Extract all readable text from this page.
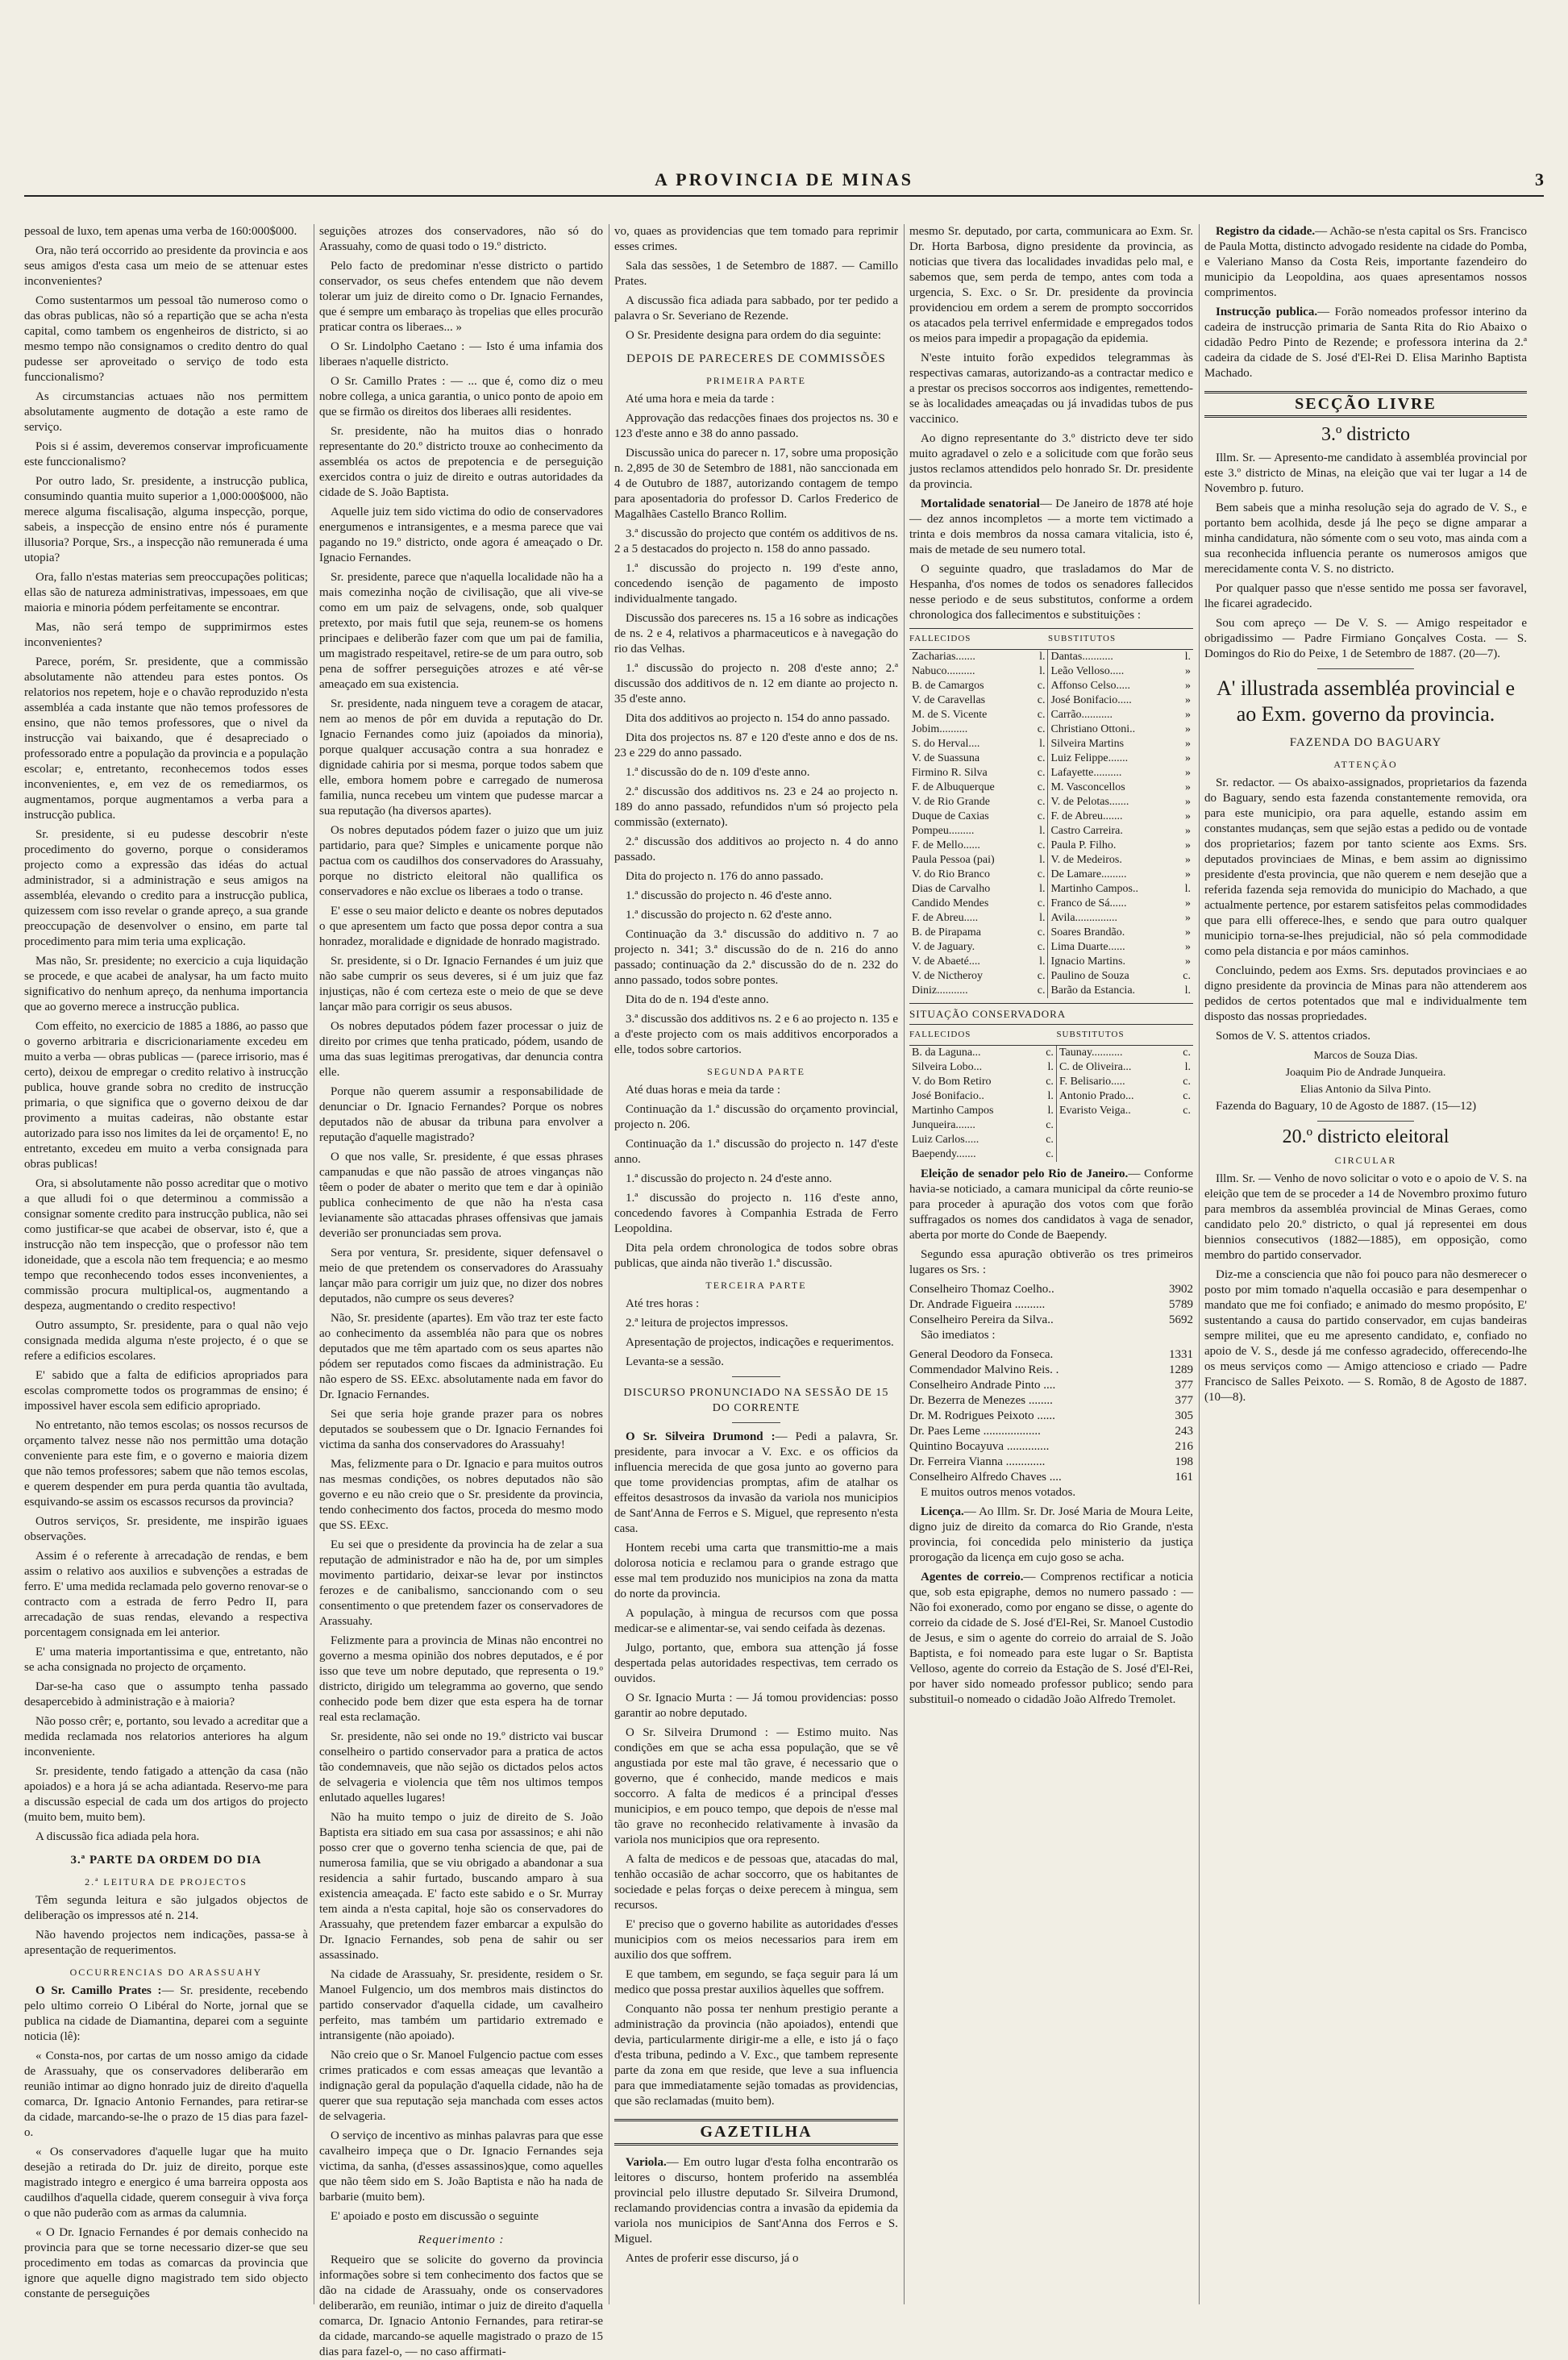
A PROVINCIA DE MINAS	3

pessoal de luxo, tem apenas uma verba de 160:000$000.

Ora, não terá occorrido ao presidente da provincia e aos seus amigos d'esta casa um meio de se attenuar estes inconvenientes?

Como sustentarmos um pessoal tão numeroso como o das obras publicas, não só a repartição que se acha n'esta capital, como tambem os engenheiros de districto, si ao mesmo tempo não consignamos o credito dentro do qual pudesse ser aproveitado o serviço de todo esta funccionalismo?

As circumstancias actuaes não nos permittem absolutamente augmento de dotação a este ramo de serviço.

Pois si é assim, deveremos conservar improficuamente este funccionalismo?

Por outro lado, Sr. presidente, a instrucção publica, consumindo quantia muito superior a 1,000:000$000, não merece alguma fiscalisação, alguma inspecção, porque, sabeis, a inspecção de ensino entre nós é puramente illusoria? Porque, Srs., a inspecção não remunerada é uma utopia?

Ora, fallo n'estas materias sem preoccupações politicas; ellas são de natureza administrativas, impessoaes, em que maioria e minoria pódem perfeitamente se encontrar.

Mas, não será tempo de supprimirmos estes inconvenientes?

Parece, porém, Sr. presidente, que a commissão absolutamente não attendeu para estes pontos. Os relatorios nos repetem, hoje e o chavão reproduzido n'esta assembléa a cada instante que não temos professores de ensino, que não temos professores, que o nivel da instrucção vai baixando, que é desapreciado o professorado entre a população da provincia e a população escolar; e, entretanto, reconhecemos todos esses inconvenientes, e, em vez de os remediarmos, os augmentamos, porque augmentamos a verba para a instrucção publica.

Sr. presidente, si eu pudesse descobrir n'este procedimento do governo, porque o consideramos projecto como a expressão das idéas do actual administrador, si a administração e seus amigos na assembléa, elevando o credito para a instrucção publica, quizessem com isso revelar o grande apreço, a sua grande preoccupação de desenvolver o ensino, em parte tal procedimento para mim teria uma explicação.

Mas não, Sr. presidente; no exercicio a cuja liquidação se procede, e que acabei de analysar, ha um facto muito significativo do nenhum apreço, da nenhuma importancia que ao governo merece a instrucção publica.

Com effeito, no exercicio de 1885 a 1886, ao passo que o governo arbitraria e discricionariamente excedeu em muito a verba — obras publicas — (parece irrisorio, mas é certo), deixou de empregar o credito relativo à instrucção publica, houve grande sobra no credito de instrucção primaria, o que significa que o governo deixou de dar provimento a muitas cadeiras, não obstante estar autorizado para isso nos limites da lei de orçamento! E, no entretanto, excedeu em muito a verba consignada para obras publicas!

Ora, si absolutamente não posso acreditar que o motivo a que alludi foi o que determinou a commissão a consignar somente credito para instrucção publica, não sei como justificar-se que acabei de observar, isto é, que a instrucção não tem inspecção, que o professor não tem idoneidade, que a escola não tem frequencia; e ao mesmo tempo que reconhecendo todos esses inconvenientes, a commissão procura multiplical-os, augmentando a despeza, augmentando o credito respectivo!

Outro assumpto, Sr. presidente, para o qual não vejo consignada medida alguma n'este projecto, é o que se refere a edificios escolares.

E' sabido que a falta de edificios apropriados para escolas compromette todos os programmas de ensino; é impossivel haver escola sem edificio apropriado.

No entretanto, não temos escolas; os nossos recursos de orçamento talvez nesse não nos permittão uma dotação conveniente para este fim, e o governo e maioria dizem que não temos professores; sabem que não temos escolas, e querem despender em pura perda quantia tão avultada, esquivando-se assim os escassos recursos da provincia?

Outros serviços, Sr. presidente, me inspirão iguaes observações.

Assim é o referente à arrecadação de rendas, e bem assim o relativo aos auxilios e subvenções a estradas de ferro. E' uma medida reclamada pelo governo renovar-se o contracto com a estrada de ferro Pedro II, para arrecadação de suas rendas, elevando a respectiva porcentagem consignada em lei anterior.

E' uma materia importantissima e que, entretanto, não se acha consignada no projecto de orçamento.

Dar-se-ha caso que o assumpto tenha passado desapercebido à administração e à maioria?

Não posso crêr; e, portanto, sou levado a acreditar que a medida reclamada nos relatorios anteriores ha algum inconveniente.

Sr. presidente, tendo fatigado a attenção da casa (não apoiados) e a hora já se acha adiantada. Reservo-me para a discussão especial de cada um dos artigos do projecto (muito bem, muito bem).

A discussão fica adiada pela hora.

3.ª PARTE DA ORDEM DO DIA
2.ª LEITURA DE PROJECTOS

Têm segunda leitura e são julgados objectos de deliberação os impressos até n. 214.

Não havendo projectos nem indicações, passa-se à apresentação de requerimentos.

OCCURRENCIAS DO ARASSUAHY

O Sr. Camillo Prates :— Sr. presidente, recebendo pelo ultimo correio O Libéral do Norte, jornal que se publica na cidade de Diamantina, deparei com a seguinte noticia (lê):

« Consta-nos, por cartas de um nosso amigo da cidade de Arassuahy, que os conservadores deliberarão em reunião intimar ao digno honrado juiz de direito d'aquella comarca, Dr. Ignacio Antonio Fernandes, para retirar-se da cidade, marcando-se-lhe o prazo de 15 dias para fazel-o.

« Os conservadores d'aquelle lugar que ha muito desejão a retirada do Dr. juiz de direito, porque este magistrado integro e energico é uma barreira opposta aos caudilhos d'aquella cidade, querem conseguir à viva força o que não puderão com as armas da calumnia.

« O Dr. Ignacio Fernandes é por demais conhecido na provincia para que se torne necessario dizer-se que seu procedimento em todas as comarcas da provincia que ignore que aquelle digno magistrado tem sido objecto constante de perseguições

seguições atrozes dos conservadores, não só do Arassuahy, como de quasi todo o 19.º districto.

Pelo facto de predominar n'esse districto o partido conservador, os seus chefes entendem que não devem tolerar um juiz de direito como o Dr. Ignacio Fernandes, que é sempre um embaraço às tropelias que elles procurão praticar contra os liberaes... »

O Sr. Lindolpho Caetano : — Isto é uma infamia dos liberaes n'aquelle districto.

O Sr. Camillo Prates : — ... que é, como diz o meu nobre collega, a unica garantia, o unico ponto de apoio em que se firmão os direitos dos liberaes alli residentes.

Sr. presidente, não ha muitos dias o honrado representante do 20.º districto trouxe ao conhecimento da assembléa os actos de prepotencia e de perseguição exercidos contra o juiz de direito e outras autoridades da cidade de S. João Baptista.

Aquelle juiz tem sido victima do odio de conservadores energumenos e intransigentes, e a mesma parece que vai pagando no 19.º districto, onde agora é ameaçado o Dr. Ignacio Fernandes.

Sr. presidente, parece que n'aquella localidade não ha a mais comezinha noção de civilisação, que ali vive-se como em um paiz de selvagens, onde, sob qualquer pretexto, por mais futil que seja, reunem-se os homens principaes e deliberão fazer com que um pai de familia, um magistrado respeitavel, retire-se de um para outro, sob pena de soffrer perseguições atrozes e até vêr-se ameaçado em sua existencia.

Sr. presidente, nada ninguem teve a coragem de atacar, nem ao menos de pôr em duvida a reputação do Dr. Ignacio Fernandes como juiz (apoiados da minoria), porque qualquer accusação contra a sua honradez e dignidade cahiria por si mesma, porque todos sabem que elle, embora homem pobre e carregado de numerosa familia, nunca recebeu um vintem que pudesse marcar a sua reputação (ha diversos apartes).

Os nobres deputados pódem fazer o juizo que um juiz partidario, para que? Simples e unicamente porque não pactua com os caudilhos dos conservadores do Arassuahy, porque no districto eleitoral não quallifica os conservadores e não exclue os liberaes a todo o transe.

E' esse o seu maior delicto e deante os nobres deputados o que apresentem um facto que possa depor contra a sua honradez, moralidade e dignidade de honrado magistrado.

Sr. presidente, si o Dr. Ignacio Fernandes é um juiz que não sabe cumprir os seus deveres, si é um juiz que faz injustiças, não é com certeza este o meio de que se deve lançar mão para corrigir os seus abusos.

Os nobres deputados pódem fazer processar o juiz de direito por crimes que tenha praticado, pódem, usando de uma das suas legitimas prerogativas, dar denuncia contra elle.

Porque não querem assumir a responsabilidade de denunciar o Dr. Ignacio Fernandes? Porque os nobres deputados não de abusar da tribuna para envolver a reputação d'aquelle magistrado?

O que nos valle, Sr. presidente, é que essas phrases campanudas e que não passão de atroes vinganças não têem o poder de abater o merito que tem e dar à opinião publica conhecimento de que não ha n'esta casa levianamente são attacadas phrases offensivas que jamais deverião ser pronunciadas sem prova.

Sera por ventura, Sr. presidente, siquer defensavel o meio de que pretendem os conservadores do Arassuahy lançar mão para corrigir um juiz que, no dizer dos nobres deputados, não cumpre os seus deveres?

Não, Sr. presidente (apartes). Em vão traz ter este facto ao conhecimento da assembléa não para que os nobres deputados que me têm apartado com os seus apartes não pódem ser reputados como fiscaes da administração. Eu não espero de SS. EExc. absolutamente nada em favor do Dr. Ignacio Fernandes.

Sei que seria hoje grande prazer para os nobres deputados se soubessem que o Dr. Ignacio Fernandes foi victima da sanha dos conservadores do Arassuahy!

Mas, felizmente para o Dr. Ignacio e para muitos outros nas mesmas condições, os nobres deputados não são governo e eu não creio que o Sr. presidente da provincia, tendo conhecimento dos factos, proceda do mesmo modo que SS. EExc.

Eu sei que o presidente da provincia ha de zelar a sua reputação de administrador e não ha de, por um simples movimento partidario, deixar-se levar por instinctos ferozes e de canibalismo, sanccionando com o seu consentimento o que pretendem fazer os conservadores de Arassuahy.

Felizmente para a provincia de Minas não encontrei no governo a mesma opinião dos nobres deputados, e é por isso que teve um nobre deputado, que representa o 19.º districto, dirigido um telegramma ao governo, que sendo conhecido pode bem dizer que esta espera ha de tornar real esta reclamação.

Sr. presidente, não sei onde no 19.º districto vai buscar conselheiro o partido conservador para a pratica de actos tão condemnaveis, que não sejão os dictados pelos actos de selvageria e violencia que têm nos ultimos tempos enlutado aquelles lugares!

Não ha muito tempo o juiz de direito de S. João Baptista era sitiado em sua casa por assassinos; e ahi não posso crer que o governo tenha sciencia de que, pai de numerosa familia, que se viu obrigado a abandonar a sua residencia a sahir furtado, buscando amparo à sua existencia ameaçada. E' facto este sabido e o Sr. Murray tem ainda a n'esta capital, hoje são os conservadores do Arassuahy, que pretendem fazer embarcar a expulsão do Dr. Ignacio Fernandes, sob pena de sahir ou ser assassinado.

Na cidade de Arassuahy, Sr. presidente, residem o Sr. Manoel Fulgencio, um dos membros mais distinctos do partido conservador d'aquella cidade, um cavalheiro perfeito, mas também um partidario extremado e intransigente (não apoiado).

Não creio que o Sr. Manoel Fulgencio pactue com esses crimes praticados e com essas ameaças que levantão a indignação geral da população d'aquella cidade, não ha de querer que sua reputação seja manchada com esses actos de selvageria.

O serviço de incentivo as minhas palavras para que esse cavalheiro impeça que o Dr. Ignacio Fernandes seja victima, da sanha, (d'esses assassinos)que, como aquelles que não têem sido em S. João Baptista e não ha nada de barbarie (muito bem).

E' apoiado e posto em discussão o seguinte

Requerimento :

Requeiro que se solicite do governo da provincia informações sobre si tem conhecimento dos factos que se dão na cidade de Arassuahy, onde os conservadores deliberarão, em reunião, intimar o juiz de direito d'aquella comarca, Dr. Ignacio Antonio Fernandes, para retirar-se da cidade, marcando-se aquelle magistrado o prazo de 15 dias para fazel-o, — no caso affirmati-

vo, quaes as providencias que tem tomado para reprimir esses crimes.

Sala das sessões, 1 de Setembro de 1887. — Camillo Prates.

A discussão fica adiada para sabbado, por ter pedido a palavra o Sr. Severiano de Rezende.

O Sr. Presidente designa para ordem do dia seguinte:

DEPOIS DE PARECERES DE COMMISSÕES
PRIMEIRA PARTE

Até uma hora e meia da tarde :

Approvação das redacções finaes dos projectos ns. 30 e 123 d'este anno e 38 do anno passado.

Discussão unica do parecer n. 17, sobre uma proposição n. 2,895 de 30 de Setembro de 1881, não sanccionada em 4 de Outubro de 1887, autorizando contagem de tempo para aposentadoria do professor D. Carlos Frederico de Magalhães Castello Branco Rollim.

3.ª discussão do projecto que contém os additivos de ns. 2 a 5 destacados do projecto n. 158 do anno passado.

1.ª discussão do projecto n. 199 d'este anno, concedendo isenção de pagamento de imposto individualmente tangado.

Discussão dos pareceres ns. 15 a 16 sobre as indicações de ns. 2 e 4, relativos a pharmaceuticos e à navegação do rio das Velhas.

1.ª discussão do projecto n. 208 d'este anno; 2.ª discussão dos additivos de n. 12 em diante ao projecto n. 35 d'este anno.

Dita dos additivos ao projecto n. 154 do anno passado.

Dita dos projectos ns. 87 e 120 d'este anno e dos de ns. 23 e 229 do anno passado.

1.ª discussão do de n. 109 d'este anno.

2.ª discussão dos additivos ns. 23 e 24 ao projecto n. 189 do anno passado, refundidos n'um só projecto pela commissão (externato).

2.ª discussão dos additivos ao projecto n. 4 do anno passado.

Dita do projecto n. 176 do anno passado.

1.ª discussão do projecto n. 46 d'este anno.

1.ª discussão do projecto n. 62 d'este anno.

Continuação da 3.ª discussão do additivo n. 7 ao projecto n. 341; 3.ª discussão do de n. 216 do anno passado; continuação da 2.ª discussão do de n. 232 do anno passado, todos sobre pontes.

Dita do de n. 194 d'este anno.

3.ª discussão dos additivos ns. 2 e 6 ao projecto n. 135 e a d'este projecto com os mais additivos encorporados a elle, todos sobre cartorios.

SEGUNDA PARTE

Até duas horas e meia da tarde :

Continuação da 1.ª discussão do orçamento provincial, projecto n. 206.

Continuação da 1.ª discussão do projecto n. 147 d'este anno.

1.ª discussão do projecto n. 24 d'este anno.

1.ª discussão do projecto n. 116 d'este anno, concedendo favores à Companhia Estrada de Ferro Leopoldina.

Dita pela ordem chronologica de todos sobre obras publicas, que ainda não tiverão 1.ª discussão.

TERCEIRA PARTE

Até tres horas :

2.ª leitura de projectos impressos.

Apresentação de projectos, indicações e requerimentos.

Levanta-se a sessão.

DISCURSO PRONUNCIADO NA SESSÃO DE 15 DO CORRENTE

O Sr. Silveira Drumond :— Pedi a palavra, Sr. presidente, para invocar a V. Exc. e os officios da influencia merecida de que gosa junto ao governo para que tome providencias promptas, afim de atalhar os effeitos desastrosos da invasão da variola nos municipios de Sant'Anna de Ferros e S. Miguel, que represento n'esta casa.

Hontem recebi uma carta que transmittio-me a mais dolorosa noticia e reclamou para o grande estrago que esse mal tem produzido nos municipios na zona da matta do norte da provincia.

A população, à mingua de recursos com que possa medicar-se e alimentar-se, vai sendo ceifada às dezenas.

Julgo, portanto, que, embora sua attenção já fosse despertada pelas autoridades respectivas, tem cerrado os ouvidos.

O Sr. Ignacio Murta : — Já tomou providencias: posso garantir ao nobre deputado.

O Sr. Silveira Drumond : — Estimo muito. Nas condições em que se acha essa população, que se vê angustiada por este mal tão grave, é necessario que o governo, que é conhecido, mande medicos e mais soccorro. A falta de medicos é a principal d'esses municipios, e em pouco tempo, que depois de n'esse mal tão grave no reconhecido relativamente à invasão da variola nos municipios que ora represento.

A falta de medicos e de pessoas que, atacadas do mal, tenhão occasião de achar soccorro, que os habitantes de sociedade e pelas forças o deixe perecem à mingua, sem recursos.

E' preciso que o governo habilite as autoridades d'esses municipios com os meios necessarios para irem em auxilio dos que soffrem.

E que tambem, em segundo, se faça seguir para lá um medico que possa prestar auxilios àquelles que soffrem.

Conquanto não possa ter nenhum prestigio perante a administração da provincia (não apoiados), entendi que devia, particularmente dirigir-me a elle, e isto já o faço d'esta tribuna, pedindo a V. Exc., que tambem represente parte da zona em que reside, que leve a sua influencia para que immediatamente sejão tomadas as providencias, que são reclamadas (muito bem).

GAZETILHA

Variola.— Em outro lugar d'esta folha encontrarão os leitores o discurso, hontem proferido na assembléa provincial pelo illustre deputado Sr. Silveira Drumond, reclamando providencias contra a invasão da epidemia da variola nos municipios de Sant'Anna dos Ferros e S. Miguel.

Antes de proferir esse discurso, já o

mesmo Sr. deputado, por carta, communicara ao Exm. Sr. Dr. Horta Barbosa, digno presidente da provincia, as noticias que tivera das localidades invadidas pelo mal, e sabemos que, sem perda de tempo, antes com toda a urgencia, S. Exc. o Sr. Dr. presidente da provincia providenciou em ordem a serem de prompto soccorridos os atacados pela terrivel enfermidade e empregados todos os meios para impedir a propagação da epidemia.

N'este intuito forão expedidos telegrammas às respectivas camaras, autorizando-as a contractar medico e a prestar os precisos soccorros aos indigentes, remettendo-se às localidades ameaçadas ou já invadidas tubos de pus vaccinico.

Ao digno representante do 3.º districto deve ter sido muito agradavel o zelo e a solicitude com que forão seus justos reclamos attendidos pelo honrado Sr. Dr. presidente da provincia.

Mortalidade senatorial— De Janeiro de 1878 até hoje — dez annos incompletos — a morte tem victimado a trinta e dois membros da nossa camara vitalicia, isto é, mais de metade de seu numero total.

O seguinte quadro, que trasladamos do Mar de Hespanha, d'os nomes de todos os senadores fallecidos nesse periodo e de seus substitutos, conforme a ordem chronologica dos fallecimentos e substituições :

FALLECIDOS		SUBSTITUTOS	
Zacharias.......	l.	Dantas...........	l.
Nabuco..........	l.	Leão Velloso.....	»
B. de Camargos	c.	Affonso Celso.....	»
V. de Caravellas	c.	José Bonifacio.....	»
M. de S. Vicente	c.	Carrão...........	»
Jobim..........	c.	Christiano Ottoni..	»
S. do Herval....	l.	Silveira Martins	»
V. de Suassuna	c.	Luiz Felippe.......	»
Firmino R. Silva	c.	Lafayette..........	»
F. de Albuquerque	c.	M. Vasconcellos	»
V. de Rio Grande	c.	V. de Pelotas.......	»
Duque de Caxias	c.	F. de Abreu.......	»
Pompeu.........	l.	Castro Carreira.	»
F. de Mello......	c.	Paula P. Filho.	»
Paula Pessoa (pai)	l.	V. de Medeiros.	»
V. do Rio Branco	c.	De Lamare.........	»
Dias de Carvalho	l.	Martinho Campos..	l.
Candido Mendes	c.	Franco de Sá......	»
F. de Abreu.....	l.	Avila...............	»
B. de Pirapama	c.	Soares Brandão.	»
V. de Jaguary.	c.	Lima Duarte......	»
V. de Abaeté....	l.	Ignacio Martins.	»
V. de Nictheroy	c.	Paulino de Souza	c.
Diniz...........	c.	Barão da Estancia.	l.
SITUAÇÃO CONSERVADORA			
FALLECIDOS		SUBSTITUTOS	
B. da Laguna...	c.	Taunay...........	c.
Silveira Lobo...	l.	C. de Oliveira...	l.
V. do Bom Retiro	c.	F. Belisario.....	c.
José Bonifacio..	l.	Antonio Prado...	c.
Martinho Campos	l.	Evaristo Veiga..	c.
Junqueira.......	c.		
Luiz Carlos.....	c.		
Baependy.......	c.		

Eleição de senador pelo Rio de Janeiro.— Conforme havia-se noticiado, a camara municipal da côrte reunio-se para proceder à apuração dos votos com que forão suffragados os nomes dos candidatos à vaga de senador, aberta por morte do Conde de Baependy.

Segundo essa apuração obtiverão os tres primeiros lugares os Srs. :

Conselheiro Thomaz Coelho..	3902
Dr. Andrade Figueira ..........	5789
Conselheiro Pereira da Silva..	5692

São imediatos :

General Deodoro da Fonseca.	1331
Commendador Malvino Reis. .	1289
Conselheiro Andrade Pinto ....	377
Dr. Bezerra de Menezes ........	377
Dr. M. Rodrigues Peixoto ......	305
Dr. Paes Leme ...................	243
Quintino Bocayuva ..............	216
Dr. Ferreira Vianna .............	198
Conselheiro Alfredo Chaves ....	161

E muitos outros menos votados.

Licença.— Ao Illm. Sr. Dr. José Maria de Moura Leite, digno juiz de direito da comarca do Rio Grande, n'esta provincia, foi concedida pelo ministerio da justiça prorogação da licença em cujo goso se acha.

Agentes de correio.— Comprenos rectificar a noticia que, sob esta epigraphe, demos no numero passado : — Não foi exonerado, como por engano se disse, o agente do correio da cidade de S. José d'El-Rei, Sr. Manoel Custodio de Jesus, e sim o agente do correio do arraial de S. João Baptista, e foi nomeado para este lugar o Sr. Baptista Velloso, agente do correio da Estação de S. José d'El-Rei, por haver sido nomeado professor publico; sendo para substituil-o nomeado o cidadão João Alfredo Tremolet.

Registro da cidade.— Achão-se n'esta capital os Srs. Francisco de Paula Motta, distincto advogado residente na cidade do Pomba, e Valeriano Manso da Costa Reis, importante fazendeiro do municipio da Leopoldina, aos quaes apresentamos nossos comprimentos.

Instrucção publica.— Forão nomeados professor interino da cadeira de instrucção primaria de Santa Rita do Rio Abaixo o cidadão Pedro Pinto de Rezende; e professora interina da 2.ª cadeira da cidade de S. José d'El-Rei D. Elisa Marinho Baptista Machado.

SECÇÃO LIVRE
3.º districto

Illm. Sr. — Apresento-me candidato à assembléa provincial por este 3.º districto de Minas, na eleição que vai ter lugar a 14 de Novembro p. futuro.

Bem sabeis que a minha resolução seja do agrado de V. S., e portanto bem acolhida, desde já lhe peço se digne amparar a minha candidatura, não sómente com o seu voto, mas ainda com a sua reconhecida influencia perante os numerosos amigos que merecidamente conta V. S. no districto.

Por qualquer passo que n'esse sentido me possa ser favoravel, lhe ficarei agradecido.

Sou com apreço — De V. S. — Amigo respeitador e obrigadissimo — Padre Firmiano Gonçalves Costa. — S. Domingos do Rio do Peixe, 1 de Setembro de 1887. (20—7).

A' illustrada assembléa provincial e ao Exm. governo da provincia.
FAZENDA DO BAGUARY
ATTENÇÃO

Sr. redactor. — Os abaixo-assignados, proprietarios da fazenda do Baguary, sendo esta fazenda constantemente removida, ora para este municipio, ora para aquelle, estando assim em constantes mudanças, sem que sejão estas a pedido ou de vontade dos proprietarios; fazem por tanto sciente aos Exms. Srs. deputados provinciaes de Minas, e bem assim ao dignissimo presidente d'esta provincia, que não querem e nem desejão que a referida fazenda seja removida do municipio do Machado, a que actualmente pertence, por estarem satisfeitos pelas commodidades que para elli offerece-lhes, e sendo que para outro qualquer municipio torna-se-lhes prejudicial, não só pela commodidade como pela distancia e por máos caminhos.

Concluindo, pedem aos Exms. Srs. deputados provinciaes e ao digno presidente da provincia de Minas para não attenderem aos pedidos de certos potentados que mal e individualmente tem disposto das nossas propriedades.

Somos de V. S. attentos criados.

Marcos de Souza Dias.
Joaquim Pio de Andrade Junqueira.
Elias Antonio da Silva Pinto.

Fazenda do Baguary, 10 de Agosto de 1887. (15—12)

20.º districto eleitoral
CIRCULAR

Illm. Sr. — Venho de novo solicitar o voto e o apoio de V. S. na eleição que tem de se proceder a 14 de Novembro proximo futuro para membros da assembléa provincial de Minas Geraes, como candidato pelo 20.º districto, o qual já representei em dous biennios consecutivos (1882—1885), em opposição, como membro do partido conservador.

Diz-me a consciencia que não foi pouco para não desmerecer o posto por mim tomado n'aquella occasião e para desempenhar o mandato que me foi confiado; e animado do mesmo propósito, E' sustentando a causa do partido conservador, em cujas bandeiras sempre militei, que eu me apresento candidato, e, confiado no apoio de V. S., desde já me confesso agradecido, offerecendo-lhe os meus serviços como — Amigo attencioso e criado — Padre Francisco de Salles Peixoto. — S. Romão, 8 de Agosto de 1887. (10—8).
